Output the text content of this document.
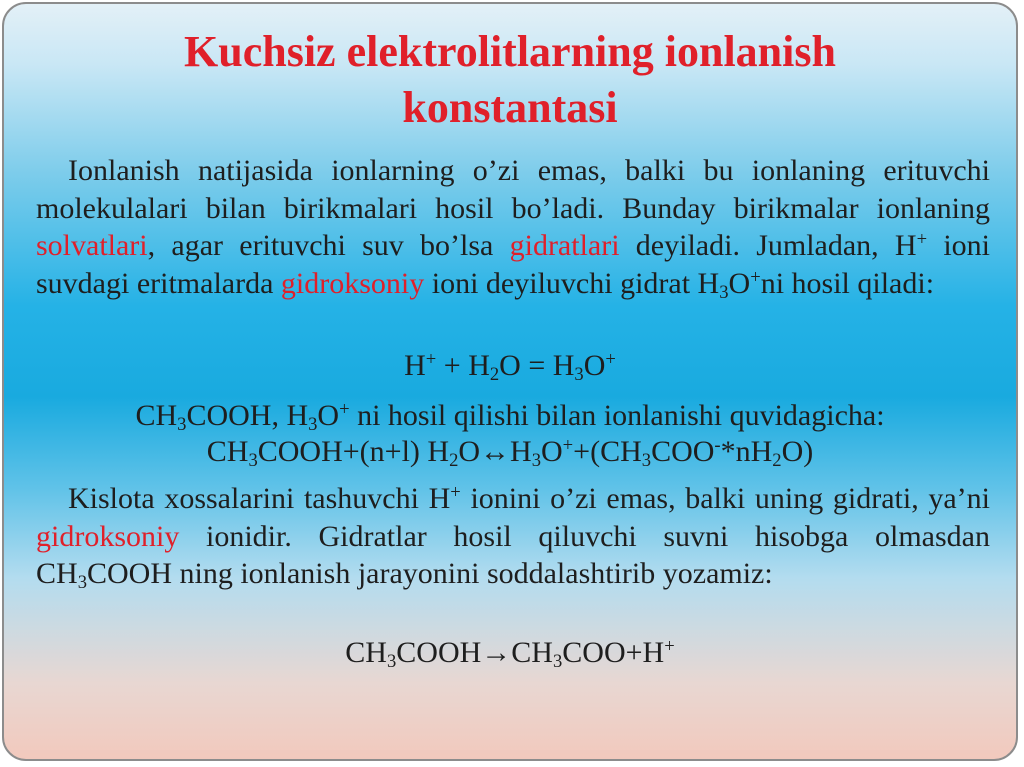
Kuchsiz elektrolitlarning ionlanish
konstantasi

Ionlanish natijasida ionlarning o’zi emas, balki bu ionlaning erituvchi molekulalari bilan birikmalari hosil bo’ladi. Bunday birikmalar ionlaning solvatlari, agar erituvchi suv bo’lsa gidratlari deyiladi. Jumladan, H+ ioni suvdagi eritmalarda gidroksoniy ioni deyiluvchi gidrat $H_3O^+ni$ hosil qiladi:

$H^+ + H_2O = H_3O^+$

$CH_3COOH$, $H_3O^+$ ni hosil qilishi bilan ionlanishi quvidagicha:

$CH_3COOH+(n+l)$ $H_2O\leftrightarrow H_3O^++(CH_3COO^-*nH_2O)$

Kislota xossalarini tashuvchi H+ ionini o’zi emas, balki uning gidrati, ya’ni gidroksoniy ionidir. Gidratlar hosil qiluvchi suvni hisobga olmasdan $CH_3COOH$ ning ionlanish jarayonini soddalashtirib yozamiz:

$CH_3COOH\to CH_3COO+H^+$
